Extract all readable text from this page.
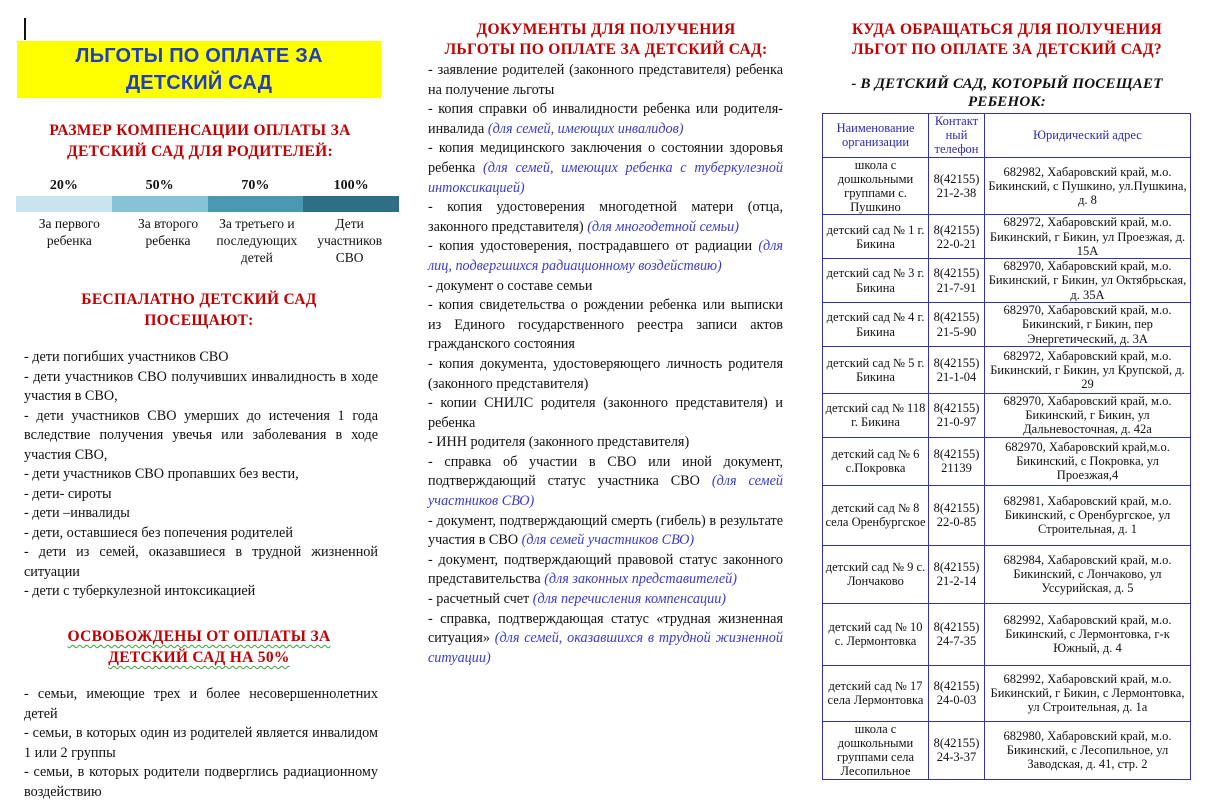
ЛЬГОТЫ ПО ОПЛАТЕ ЗА ДЕТСКИЙ САД
РАЗМЕР КОМПЕНСАЦИИ ОПЛАТЫ ЗА
ДЕТСКИЙ САД ДЛЯ РОДИТЕЛЕЙ:
20%	50%	70%	100%
За первого ребенка
За второго ребенка
За третьего и последующих детей
Дети участников СВО
БЕСПАЛАТНО ДЕТСКИЙ САД
ПОСЕЩАЮТ:

- дети погибших участников СВО

- дети участников СВО получивших инвалидность в ходе участия в СВО,

- дети участников СВО умерших до истечения 1 года вследствие получения увечья или заболевания в ходе участия СВО,

- дети участников СВО пропавших без вести,

- дети- сироты

- дети –инвалиды

- дети, оставшиеся без попечения родителей

- дети из семей, оказавшиеся в трудной жизненной ситуации

- дети с туберкулезной интоксикацией

ОСВОБОЖДЕНЫ ОТ ОПЛАТЫ ЗА
ДЕТСКИЙ САД НА 50%

- семьи, имеющие трех и более несовершеннолетних детей

- семьи, в которых один из родителей является инвалидом 1 или 2 группы

- семьи, в которых родители подверглись радиационному воздействию

ДОКУМЕНТЫ ДЛЯ ПОЛУЧЕНИЯ
ЛЬГОТЫ ПО ОПЛАТЕ ЗА ДЕТСКИЙ САД:

- заявление родителей (законного представителя) ребенка на получение льготы

- копия справки об инвалидности ребенка или родителя-инвалида (для семей, имеющих инвалидов)

- копия медицинского заключения о состоянии здоровья ребенка (для семей, имеющих ребенка с туберкулезной интоксикацией)

- копия удостоверения многодетной матери (отца, законного представителя) (для многодетной семьи)

- копия удостоверения, пострадавшего от радиации (для лиц, подвергшихся радиационному воздействию)

- документ о составе семьи

- копия свидетельства о рождении ребенка или выписки из Единого государственного реестра записи актов гражданского состояния

- копия документа, удостоверяющего личность родителя (законного представителя)

- копии СНИЛС родителя (законного представителя) и ребенка

- ИНН родителя (законного представителя)

- справка об участии в СВО или иной документ, подтверждающий статус участника СВО (для семей участников СВО)

- документ, подтверждающий смерть (гибель) в результате участия в СВО (для семей участников СВО)

- документ, подтверждающий правовой статус законного представительства (для законных представителей)

- расчетный счет (для перечисления компенсации)

- справка, подтверждающая статус «трудная жизненная ситуация» (для семей, оказавшихся в трудной жизненной ситуации)

КУДА ОБРАЩАТЬСЯ ДЛЯ ПОЛУЧЕНИЯ
ЛЬГОТ ПО ОПЛАТЕ ЗА ДЕТСКИЙ САД?
- В ДЕТСКИЙ САД, КОТОРЫЙ ПОСЕЩАЕТ РЕБЕНОК:
Наименование организации	Контакт ный телефон	Юридический адрес
школа с дошкольными группами с. Пушкино	8(42155) 21-2-38	682982, Хабаровский край, м.о. Бикинский, с Пушкино, ул.Пушкина, д. 8
детский сад № 1 г. Бикина	8(42155) 22-0-21	682972, Хабаровский край, м.о. Бикинский, г Бикин, ул Проезжая, д. 15А
детский сад № 3 г. Бикина	8(42155) 21-7-91	682970, Хабаровский край, м.о. Бикинский, г Бикин, ул Октябрьская, д. 35А
детский сад № 4 г. Бикина	8(42155) 21-5-90	682970, Хабаровский край, м.о. Бикинский, г Бикин, пер Энергетический, д. 3А
детский сад № 5 г. Бикина	8(42155) 21-1-04	682972, Хабаровский край, м.о. Бикинский, г Бикин, ул Крупской, д. 29
детский сад № 118 г. Бикина	8(42155) 21-0-97	682970, Хабаровский край, м.о. Бикинский, г Бикин, ул Дальневосточная, д. 42а
детский сад № 6 с.Покровка	8(42155) 21139	682970, Хабаровский край,м.о. Бикинский, с Покровка, ул Проезжая,4
детский сад № 8 села Оренбургское	8(42155) 22-0-85	682981, Хабаровский край, м.о. Бикинский, с Оренбургское, ул Строительная, д. 1
детский сад № 9 с. Лончаково	8(42155) 21-2-14	682984, Хабаровский край, м.о. Бикинский, с Лончаково, ул Уссурийская, д. 5
детский сад № 10 с. Лермонтовка	8(42155) 24-7-35	682992, Хабаровский край, м.о. Бикинский, с Лермонтовка, г-к Южный, д. 4
детский сад № 17 села Лермонтовка	8(42155) 24-0-03	682992, Хабаровский край, м.о. Бикинский, г Бикин, с Лермонтовка, ул Строительная, д. 1а
школа с дошкольными группами села Лесопильное	8(42155) 24-3-37	682980, Хабаровский край, м.о. Бикинский, с Лесопильное, ул Заводская, д. 41, стр. 2
